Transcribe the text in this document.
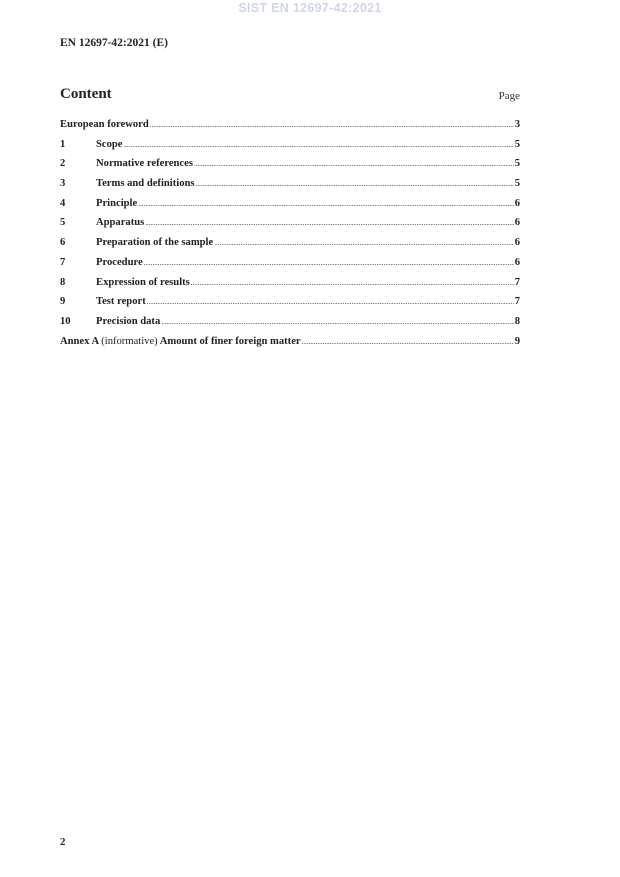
SIST EN 12697-42:2021
EN 12697-42:2021 (E)
Content	Page
European foreword .....	3
1	Scope .....	5
2	Normative references .....	5
3	Terms and definitions .....	5
4	Principle .....	6
5	Apparatus .....	6
6	Preparation of the sample .....	6
7	Procedure .....	6
8	Expression of results .....	7
9	Test report .....	7
10	Precision data .....	8
Annex A (informative) Amount of finer foreign matter .....	9
2
